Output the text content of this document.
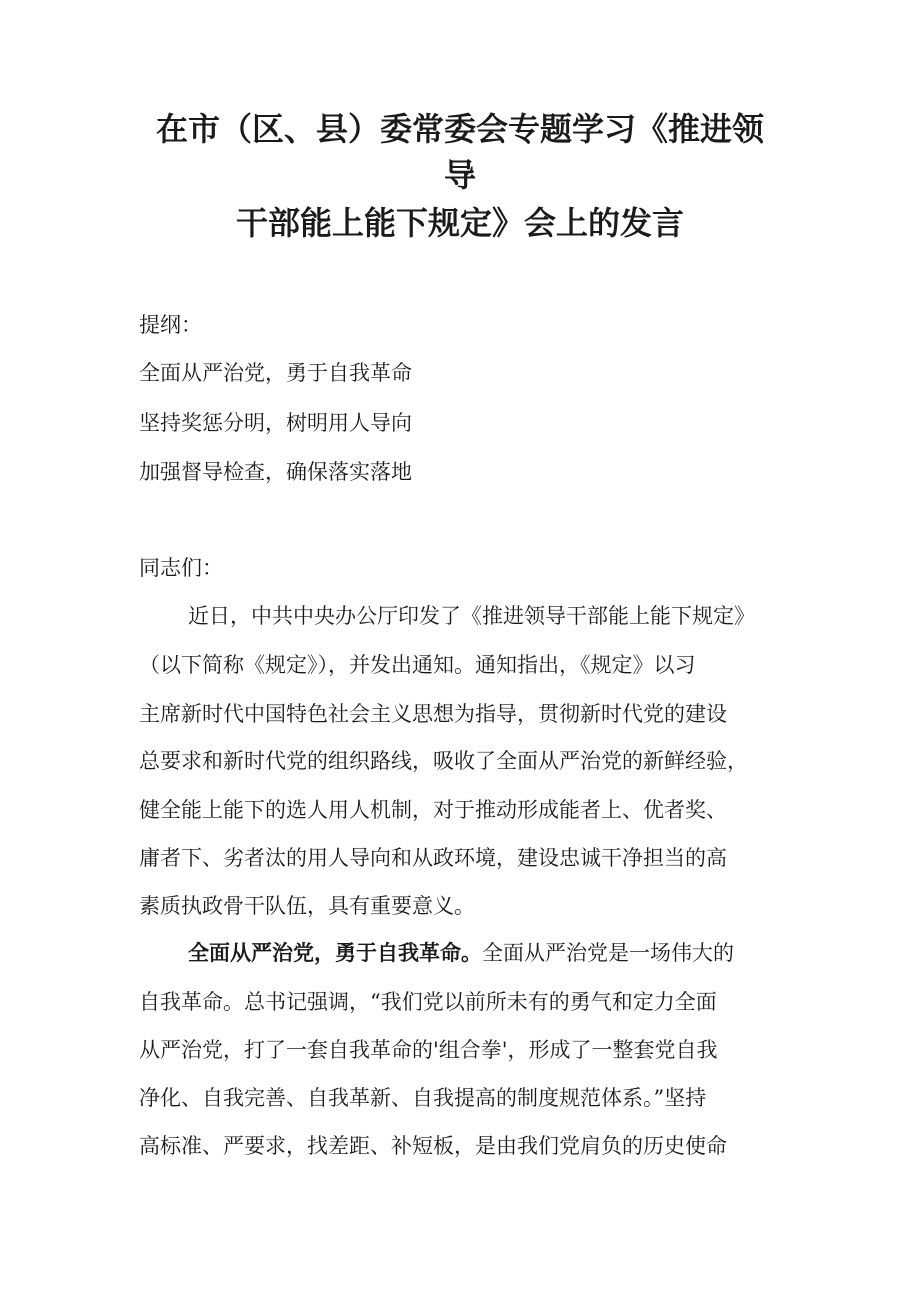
在市（区、县）委常委会专题学习《推进领
导
干部能上能下规定》会上的发言
提纲：
全面从严治党，勇于自我革命
坚持奖惩分明，树明用人导向
加强督导检查，确保落实落地
同志们：
近日，中共中央办公厅印发了《推进领导干部能上能下规定》
（以下简称《规定》），并发出通知。通知指出，《规定》以习
主席新时代中国特色社会主义思想为指导，贯彻新时代党的建设
总要求和新时代党的组织路线，吸收了全面从严治党的新鲜经验，
健全能上能下的选人用人机制，对于推动形成能者上、优者奖、
庸者下、劣者汰的用人导向和从政环境，建设忠诚干净担当的高
素质执政骨干队伍，具有重要意义。
全面从严治党，勇于自我革命。全面从严治党是一场伟大的
自我革命。总书记强调，“我们党以前所未有的勇气和定力全面
从严治党，打了一套自我革命的'组合拳'，形成了一整套党自我
净化、自我完善、自我革新、自我提高的制度规范体系。”坚持
高标准、严要求，找差距、补短板，是由我们党肩负的历史使命
